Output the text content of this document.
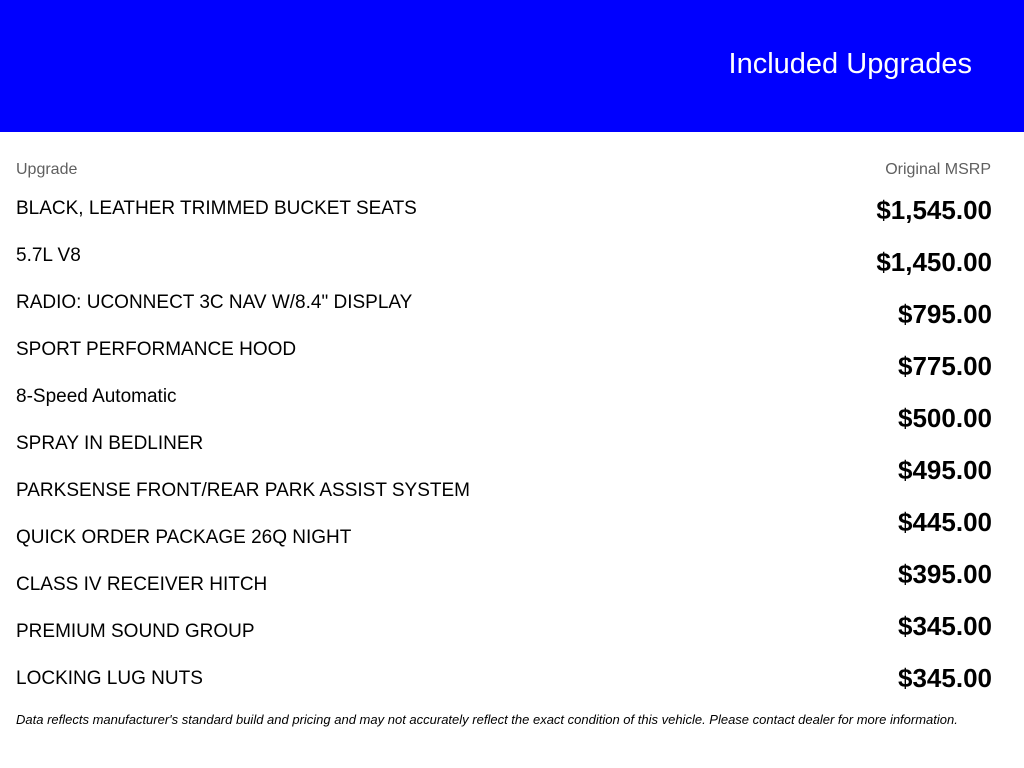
Included Upgrades
Upgrade	Original MSRP
BLACK, LEATHER TRIMMED BUCKET SEATS
5.7L V8
RADIO: UCONNECT 3C NAV W/8.4" DISPLAY
SPORT PERFORMANCE HOOD
8-Speed Automatic
SPRAY IN BEDLINER
PARKSENSE FRONT/REAR PARK ASSIST SYSTEM
QUICK ORDER PACKAGE 26Q NIGHT
CLASS IV RECEIVER HITCH
PREMIUM SOUND GROUP
LOCKING LUG NUTS
$1,545.00
$1,450.00
$795.00
$775.00
$500.00
$495.00
$445.00
$395.00
$345.00
$345.00
Data reflects manufacturer's standard build and pricing and may not accurately reflect the exact condition of this vehicle. Please contact dealer for more information.
